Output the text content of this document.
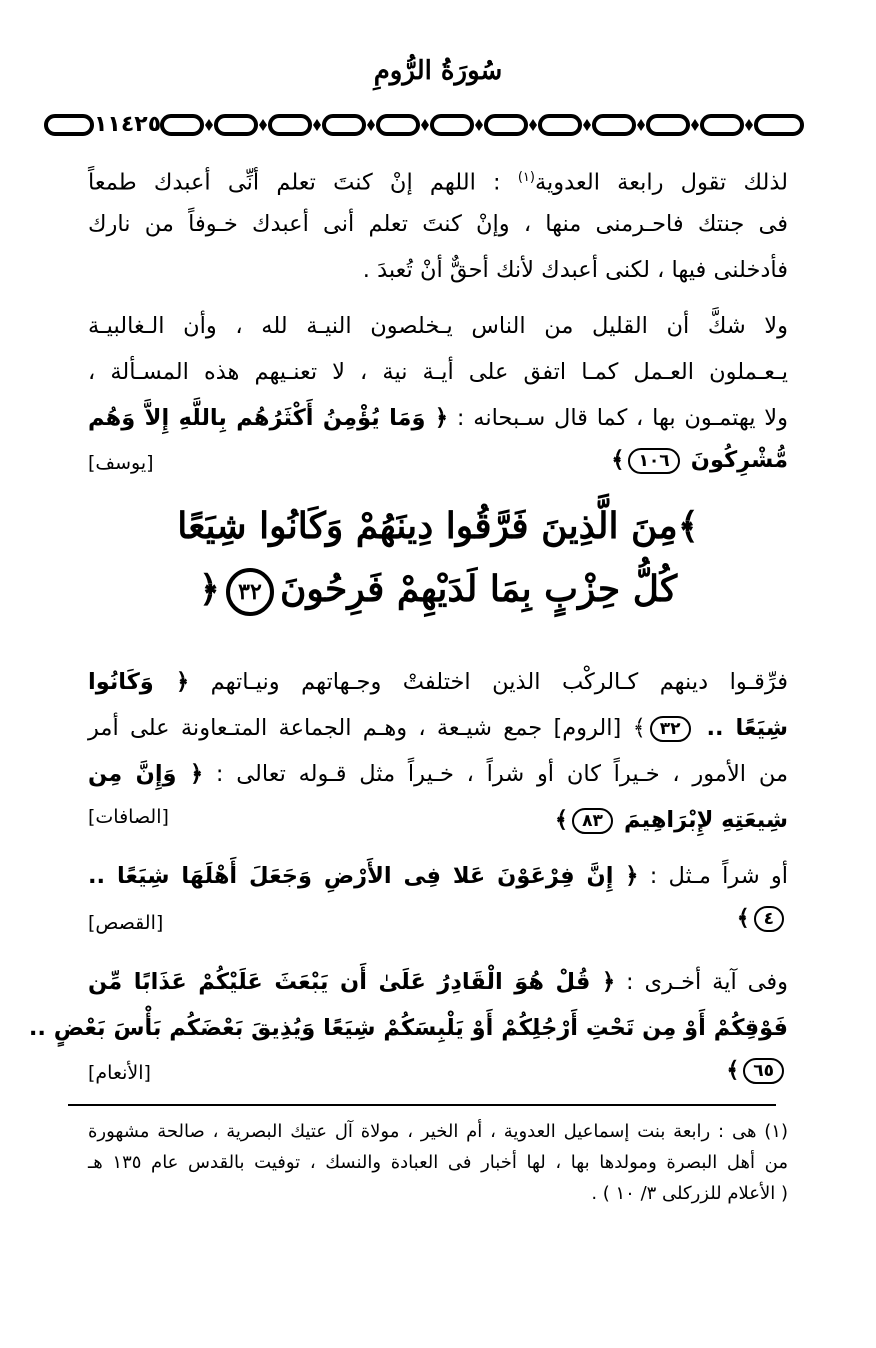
سُورَةُ الرُّومِ
١١٤٢٥
لذلك تقول رابعة العدوية$^{(١)}$ : اللهم إنْ كنتَ تعلم أنِّى أعبدك طمعاً
فى جنتك فاحـرمنى منها ، وإنْ كنتَ تعلم أنى أعبدك خـوفاً من نارك
فأدخلنى فيها ، لكنى أعبدك لأنك أحقٌّ أنْ تُعبدَ .
ولا شكَّ أن القليل من الناس يـخلصون النيـة لله ، وأن الـغالبيـة
يـعـملون العـمل كمـا اتفق على أيـة نية ، لا تعنـيهم هذه المسـألة ،
ولا يهتمـون بها ، كما قال سـبحانه : ﴿ وَمَا يُؤْمِنُ أَكْثَرُهُم بِاللَّهِ إِلاَّ وَهُم
مُّشْرِكُونَ ١٠٦﴾
[يوسف]
﴾مِنَ الَّذِينَ فَرَّقُوا دِينَهُمْ وَكَانُوا شِيَعًا
كُلُّ حِزْبٍ بِمَا لَدَيْهِمْ فَرِحُونَ٣٢﴿
فرِّقـوا دينهم كـالركْب الذين اختلفتْ وجـهاتهم ونيـاتهم ﴿ وَكَانُوا
شِيَعًا .. ٣٢﴾ [الروم] جمع شيـعة ، وهـم الجماعة المتـعاونة على أمر
من الأمور ، خـيراً كان أو شراً ، خـيراً مثل قـوله تعالى : ﴿ وَإِنَّ مِن
شِيعَتِهِ لإِبْرَاهِيمَ ٨٣﴾
[الصافات]
أو شراً مـثل : ﴿ إِنَّ فِرْعَوْنَ عَلا فِى الأَرْضِ وَجَعَلَ أَهْلَهَا شِيَعًا ..
[القصص]	٤﴾
وفى آية أخـرى : ﴿ قُلْ هُوَ الْقَادِرُ عَلَىٰ أَن يَبْعَثَ عَلَيْكُمْ عَذَابًا مِّن
فَوْقِكُمْ أَوْ مِن تَحْتِ أَرْجُلِكُمْ أَوْ يَلْبِسَكُمْ شِيَعًا وَيُذِيقَ بَعْضَكُم بَأْسَ بَعْضٍ ..
٦٥﴾
[الأنعام]
(١) هى : رابعة بنت إسماعيل العدوية ، أم الخير ، مولاة آل عتيك البصرية ، صالحة مشهورة
من أهل البصرة ومولدها بها ، لها أخبار فى العبادة والنسك ، توفيت بالقدس عام ١٣٥ هـ
( الأعلام للزركلى ٣/ ١٠ ) .
